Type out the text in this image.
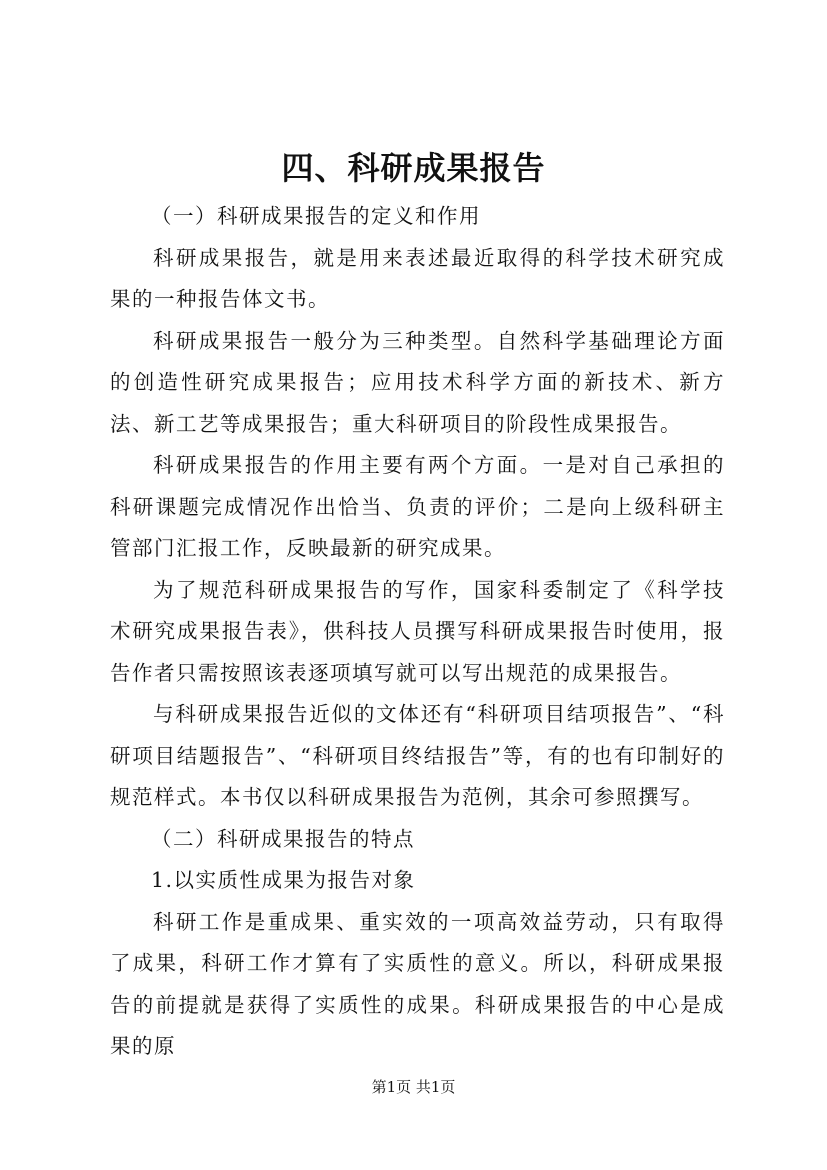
四、科研成果报告

（一）科研成果报告的定义和作用

科研成果报告，就是用来表述最近取得的科学技术研究成果的一种报告体文书。

科研成果报告一般分为三种类型。自然科学基础理论方面的创造性研究成果报告；应用技术科学方面的新技术、新方法、新工艺等成果报告；重大科研项目的阶段性成果报告。

科研成果报告的作用主要有两个方面。一是对自己承担的科研课题完成情况作出恰当、负责的评价；二是向上级科研主管部门汇报工作，反映最新的研究成果。

为了规范科研成果报告的写作，国家科委制定了《科学技术研究成果报告表》，供科技人员撰写科研成果报告时使用，报告作者只需按照该表逐项填写就可以写出规范的成果报告。

与科研成果报告近似的文体还有“科研项目结项报告”、“科研项目结题报告”、“科研项目终结报告”等，有的也有印制好的规范样式。本书仅以科研成果报告为范例，其余可参照撰写。

（二）科研成果报告的特点

1.以实质性成果为报告对象

科研工作是重成果、重实效的一项高效益劳动，只有取得了成果，科研工作才算有了实质性的意义。所以，科研成果报告的前提就是获得了实质性的成果。科研成果报告的中心是成果的原

第1页 共1页
